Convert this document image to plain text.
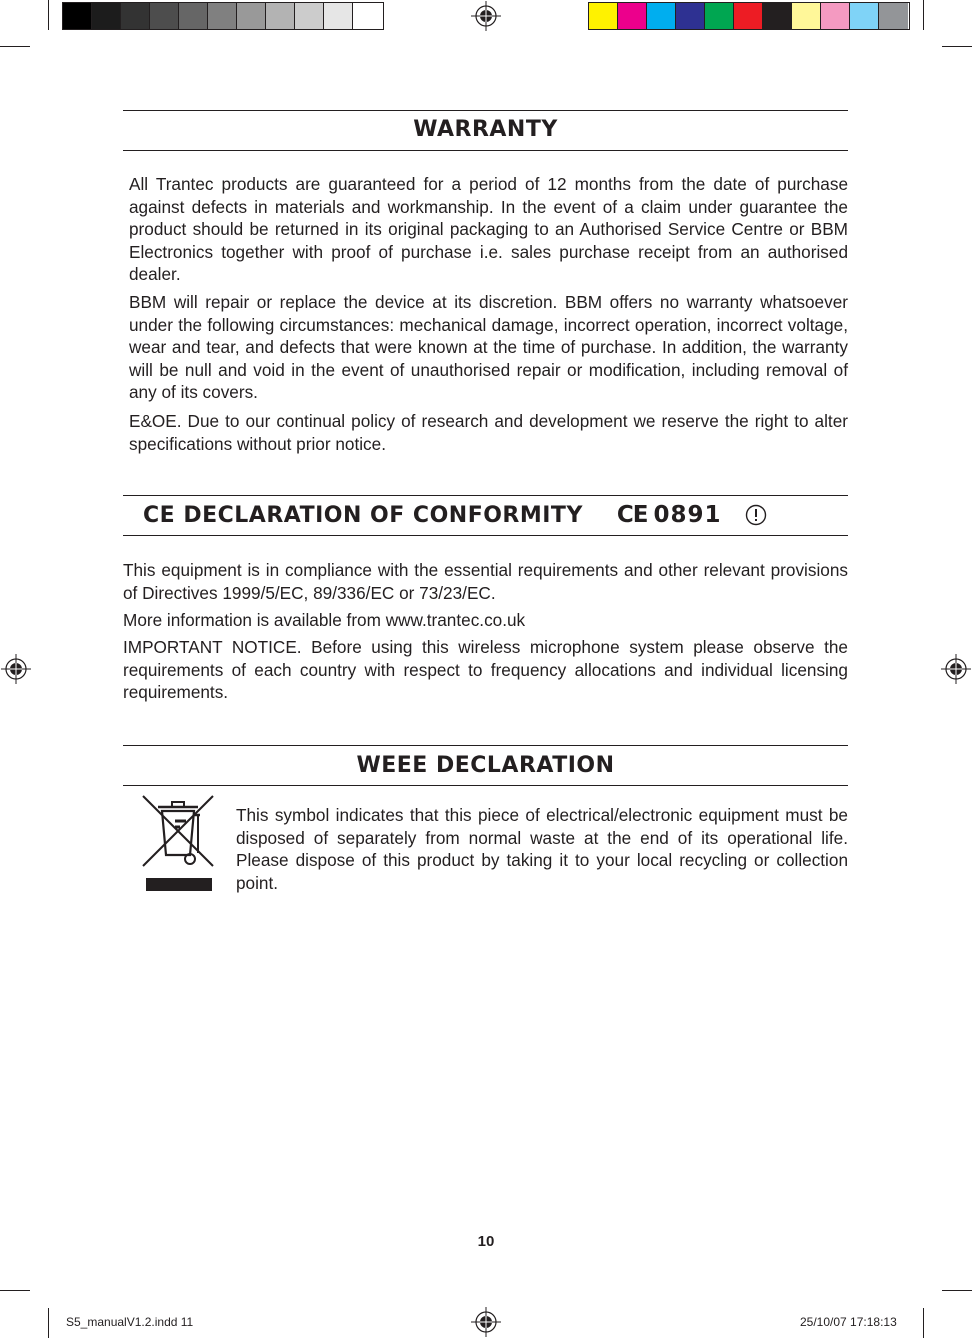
WARRANTY

All Trantec products are guaranteed for a period of 12 months from the date of purchase against defects in materials and workmanship. In the event of a claim under guarantee the product should be returned in its original packaging to an Authorised Service Centre or BBM Electronics together with proof of purchase i.e. sales purchase receipt from an authorised dealer.

BBM will repair or replace the device at its discretion. BBM offers no warranty whatsoever under the following circumstances: mechanical damage, incorrect operation, incorrect voltage, wear and tear, and defects that were known at the time of purchase. In addition, the warranty will be null and void in the event of unauthorised repair or modification, including removal of any of its covers.

E&OE. Due to our continual policy of research and development we reserve the right to alter specifications without prior notice.

CE DECLARATION OF CONFORMITY CE 0891

This equipment is in compliance with the essential requirements and other relevant provisions of Directives 1999/5/EC, 89/336/EC or 73/23/EC.

More information is available from www.trantec.co.uk

IMPORTANT NOTICE. Before using this wireless microphone system please observe the requirements of each country with respect to frequency allocations and individual licensing requirements.

WEEE DECLARATION

This symbol indicates that this piece of electrical/electronic equipment must be disposed of separately from normal waste at the end of its operational life. Please dispose of this product by taking it to your local recycling or collection point.

10
S5_manualV1.2.indd 11	25/10/07 17:18:13
